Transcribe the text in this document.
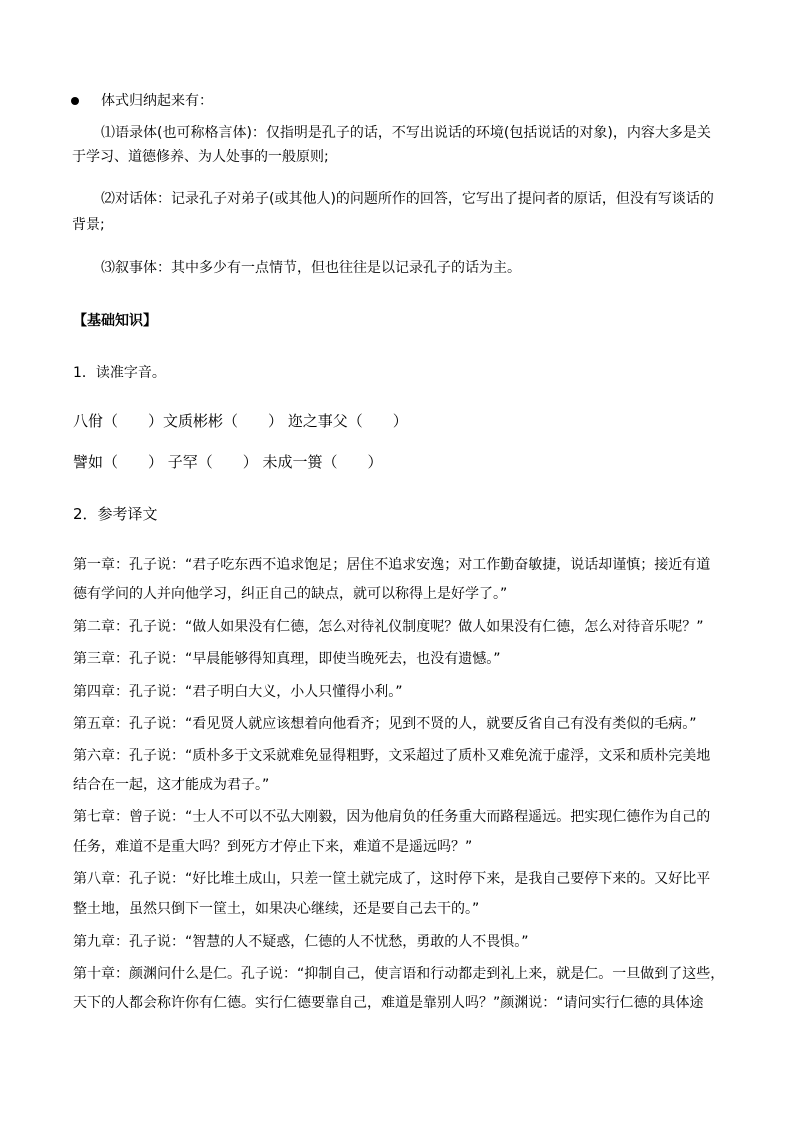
体式归纳起来有：
⑴语录体(也可称格言体)：仅指明是孔子的话，不写出说话的环境(包括说话的对象)，内容大多是关
于学习、道德修养、为人处事的一般原则;
⑵对话体：记录孔子对弟子(或其他人)的问题所作的回答，它写出了提问者的原话，但没有写谈话的
背景;
⑶叙事体：其中多少有一点情节，但也往往是以记录孔子的话为主。
【基础知识】
1．读准字音。
八佾（　　）文质彬彬（　　） 迩之事父（　　）
譬如（　　） 子罕（　　） 未成一篑（　　）
2．参考译文
第一章：孔子说：“君子吃东西不追求饱足；居住不追求安逸；对工作勤奋敏捷，说话却谨慎；接近有道
德有学问的人并向他学习，纠正自己的缺点，就可以称得上是好学了。”
第二章：孔子说：“做人如果没有仁德，怎么对待礼仪制度呢？做人如果没有仁德，怎么对待音乐呢？”
第三章：孔子说：“早晨能够得知真理，即使当晚死去，也没有遗憾。”
第四章：孔子说：“君子明白大义，小人只懂得小利。”
第五章：孔子说：“看见贤人就应该想着向他看齐；见到不贤的人，就要反省自己有没有类似的毛病。”
第六章：孔子说：“质朴多于文采就难免显得粗野，文采超过了质朴又难免流于虚浮，文采和质朴完美地
结合在一起，这才能成为君子。”
第七章：曾子说：“士人不可以不弘大刚毅，因为他肩负的任务重大而路程遥远。把实现仁德作为自己的
任务，难道不是重大吗？到死方才停止下来，难道不是遥远吗？”
第八章：孔子说：“好比堆土成山，只差一筐土就完成了，这时停下来，是我自己要停下来的。又好比平
整土地，虽然只倒下一筐土，如果决心继续，还是要自己去干的。”
第九章：孔子说：“智慧的人不疑惑，仁德的人不忧愁，勇敢的人不畏惧。”
第十章：颜渊问什么是仁。孔子说：“抑制自己，使言语和行动都走到礼上来，就是仁。一旦做到了这些，
天下的人都会称许你有仁德。实行仁德要靠自己，难道是靠别人吗？”颜渊说：“请问实行仁德的具体途
